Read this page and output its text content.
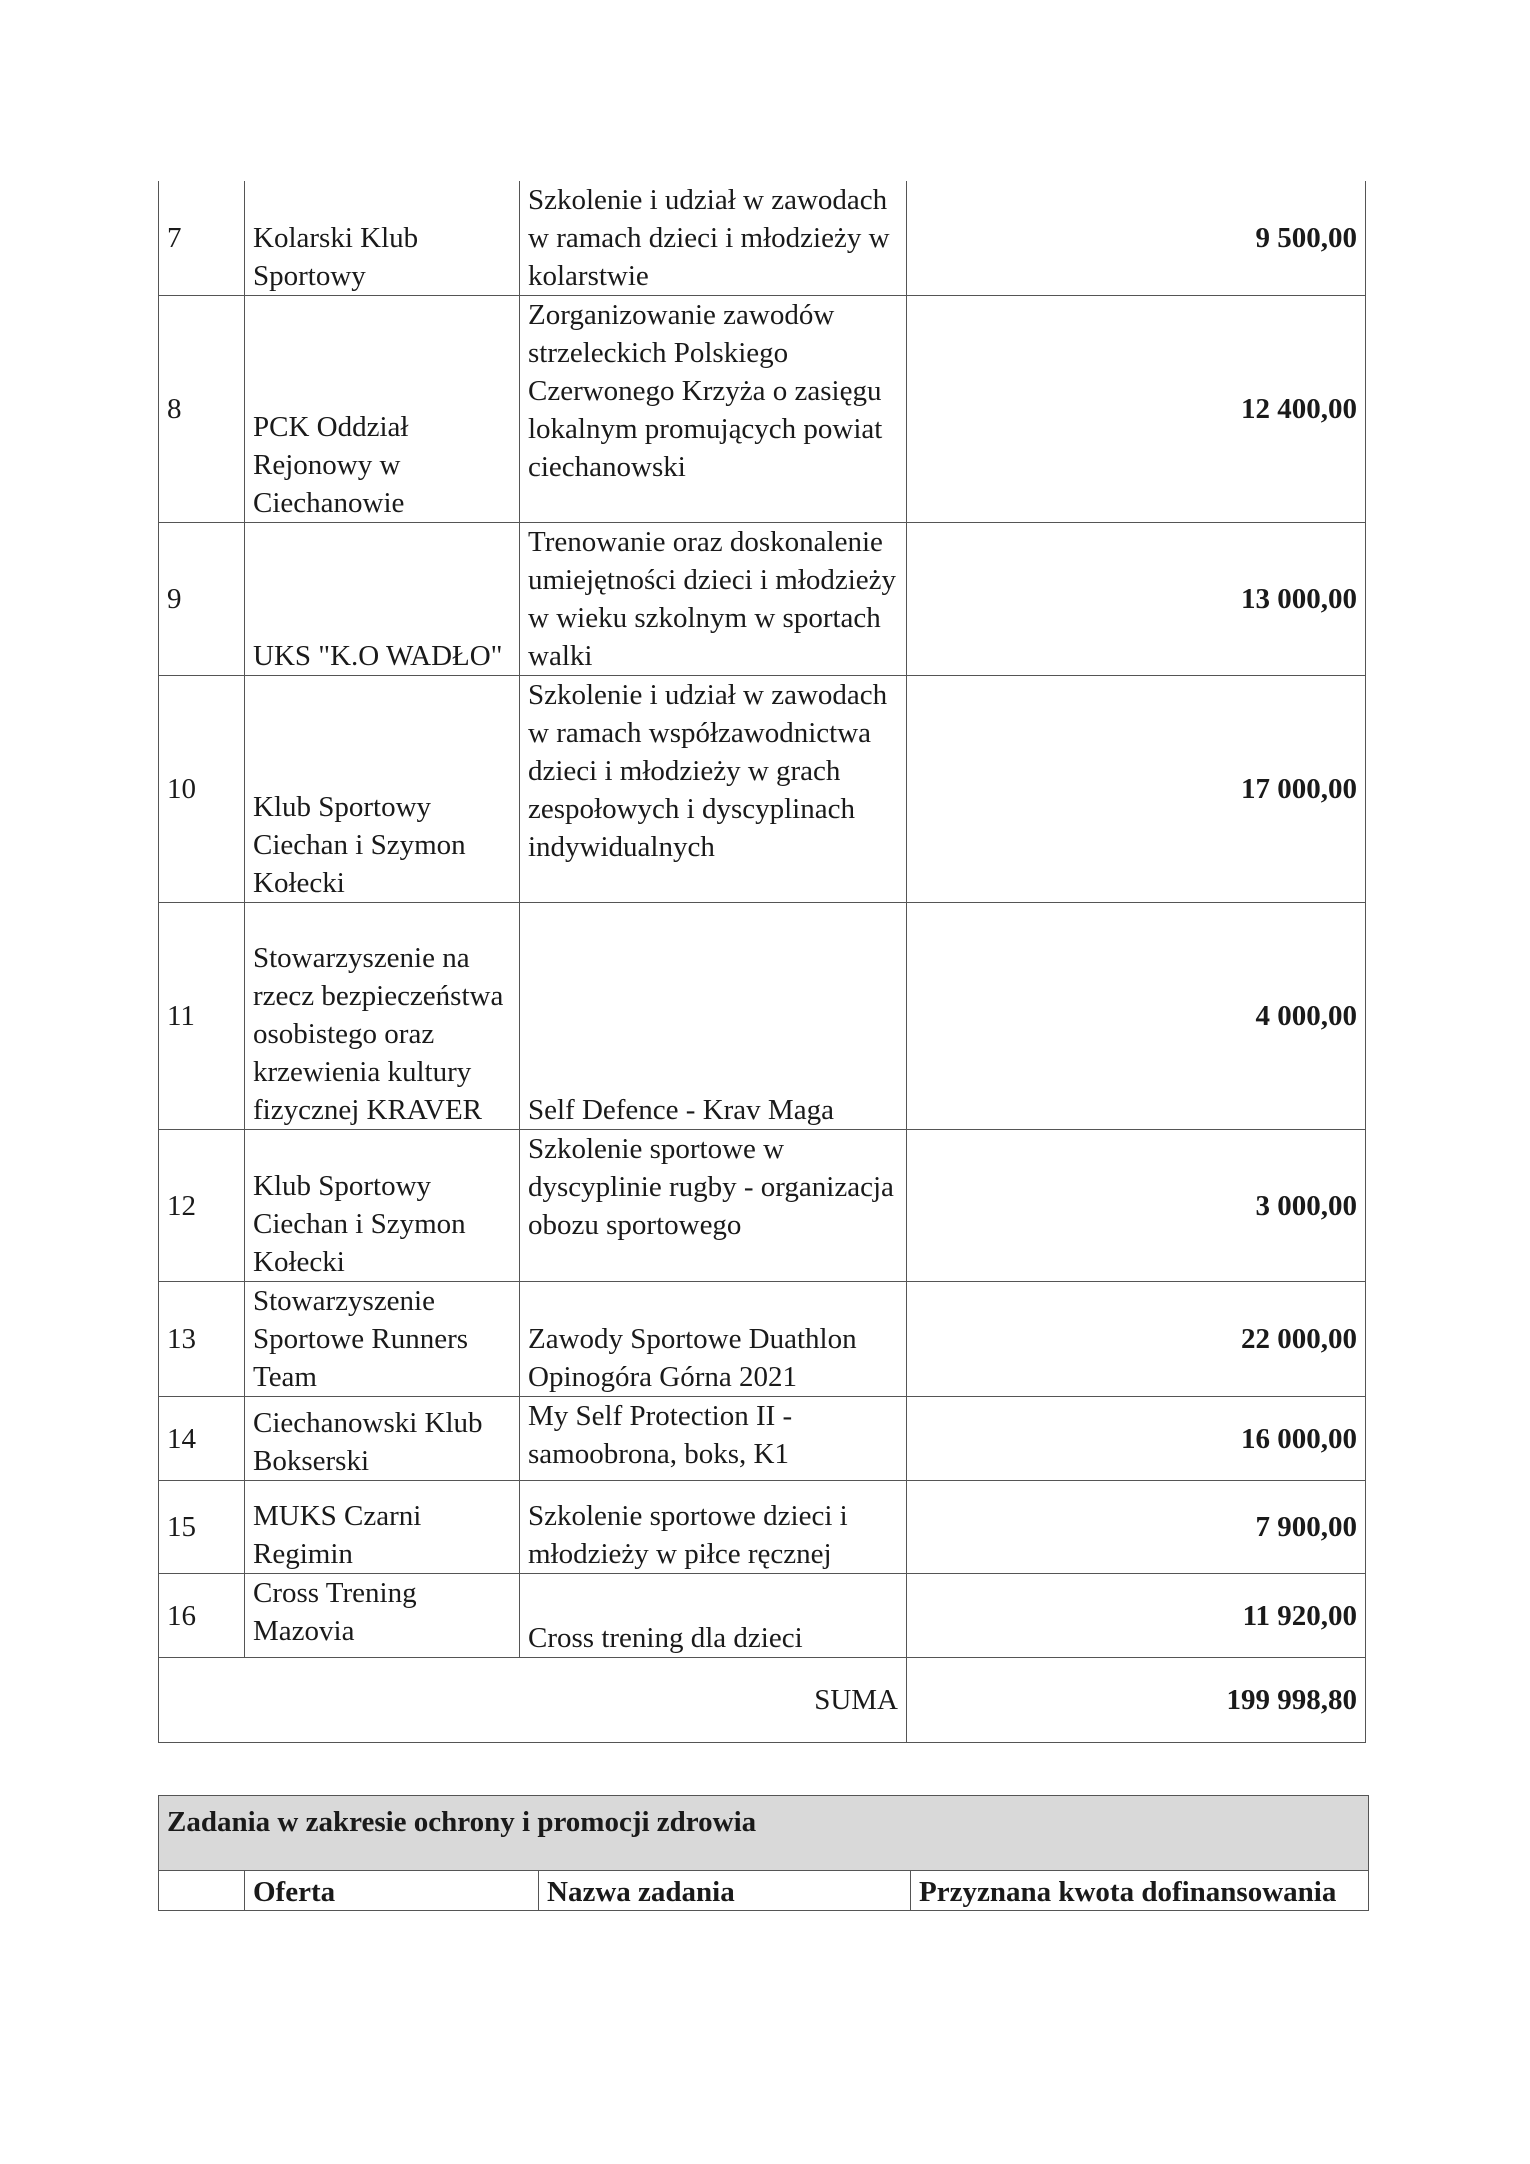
7	Kolarski Klub Sportowy	Szkolenie i udział w zawodach w ramach dzieci i młodzieży w kolarstwie	9 500,00
8	PCK Oddział Rejonowy w Ciechanowie	Zorganizowanie zawodów strzeleckich Polskiego Czerwonego Krzyża o zasięgu lokalnym promujących powiat ciechanowski	12 400,00
9	UKS "K.O WADŁO"	Trenowanie oraz doskonalenie umiejętności dzieci i młodzieży w wieku szkolnym w sportach walki	13 000,00
10	Klub Sportowy Ciechan i Szymon Kołecki	Szkolenie i udział w zawodach w ramach współzawodnictwa dzieci i młodzieży w grach zespołowych i dyscyplinach indywidualnych	17 000,00
11	Stowarzyszenie na rzecz bezpieczeństwa osobistego oraz krzewienia kultury fizycznej KRAVER	Self Defence - Krav Maga	4 000,00
12	Klub Sportowy Ciechan i Szymon Kołecki	Szkolenie sportowe w dyscyplinie rugby - organizacja obozu sportowego	3 000,00
13	Stowarzyszenie Sportowe Runners Team	Zawody Sportowe Duathlon Opinogóra Górna 2021	22 000,00
14	Ciechanowski Klub Bokserski	My Self Protection II - samoobrona, boks, K1	16 000,00
15	MUKS Czarni Regimin	Szkolenie sportowe dzieci i młodzieży w piłce ręcznej	7 900,00
16	Cross Trening Mazovia	Cross trening dla dzieci	11 920,00
SUMA			199 998,80
Zadania w zakresie ochrony i promocji zdrowia
	Oferta	Nazwa zadania	Przyznana kwota dofinansowania
